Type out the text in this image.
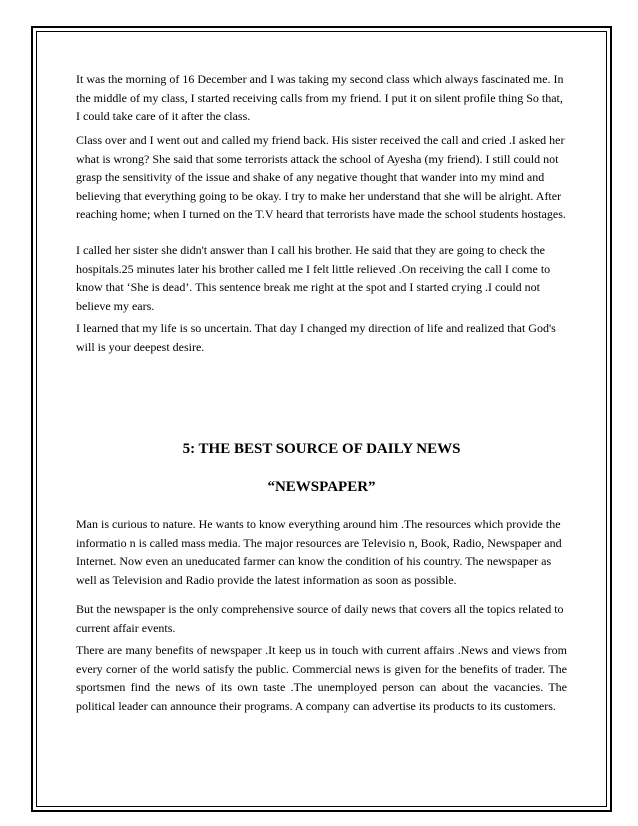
It was the morning of 16 December and I was taking my second class which always fascinated me. In the middle of my class, I started receiving calls from my friend. I put it on silent profile thing So that, I could take care of it after the class.

Class over and I went out and called my friend back. His sister received the call and cried .I asked her what is wrong? She said that some terrorists attack the school of Ayesha (my friend). I still could not grasp the sensitivity of the issue and shake of any negative thought that wander into my mind and believing that everything going to be okay. I try to make her understand that she will be alright. After reaching home; when I turned on the T.V heard that terrorists have made the school students hostages.

I called her sister she didn't answer than I call his brother. He said that they are going to check the hospitals.25 minutes later his brother called me I felt little relieved .On receiving the call I come to know that ‘She is dead’. This sentence break me right at the spot and I started crying .I could not believe my ears.

I learned that my life is so uncertain. That day I changed my direction of life and realized that God's will is your deepest desire.

5: THE BEST SOURCE OF DAILY NEWS
“NEWSPAPER”

Man is curious to nature. He wants to know everything around him .The resources which provide the informatio n is called mass media. The major resources are Televisio n, Book, Radio, Newspaper and Internet. Now even an uneducated farmer can know the condition of his country. The newspaper as well as Television and Radio provide the latest information as soon as possible.

But the newspaper is the only comprehensive source of daily news that covers all the topics related to current affair events.

There are many benefits of newspaper .It keep us in touch with current affairs .News and views from every corner of the world satisfy the public. Commercial news is given for the benefits of trader. The sportsmen find the news of its own taste .The unemployed person can about the vacancies. The political leader can announce their programs. A company can advertise its products to its customers.
